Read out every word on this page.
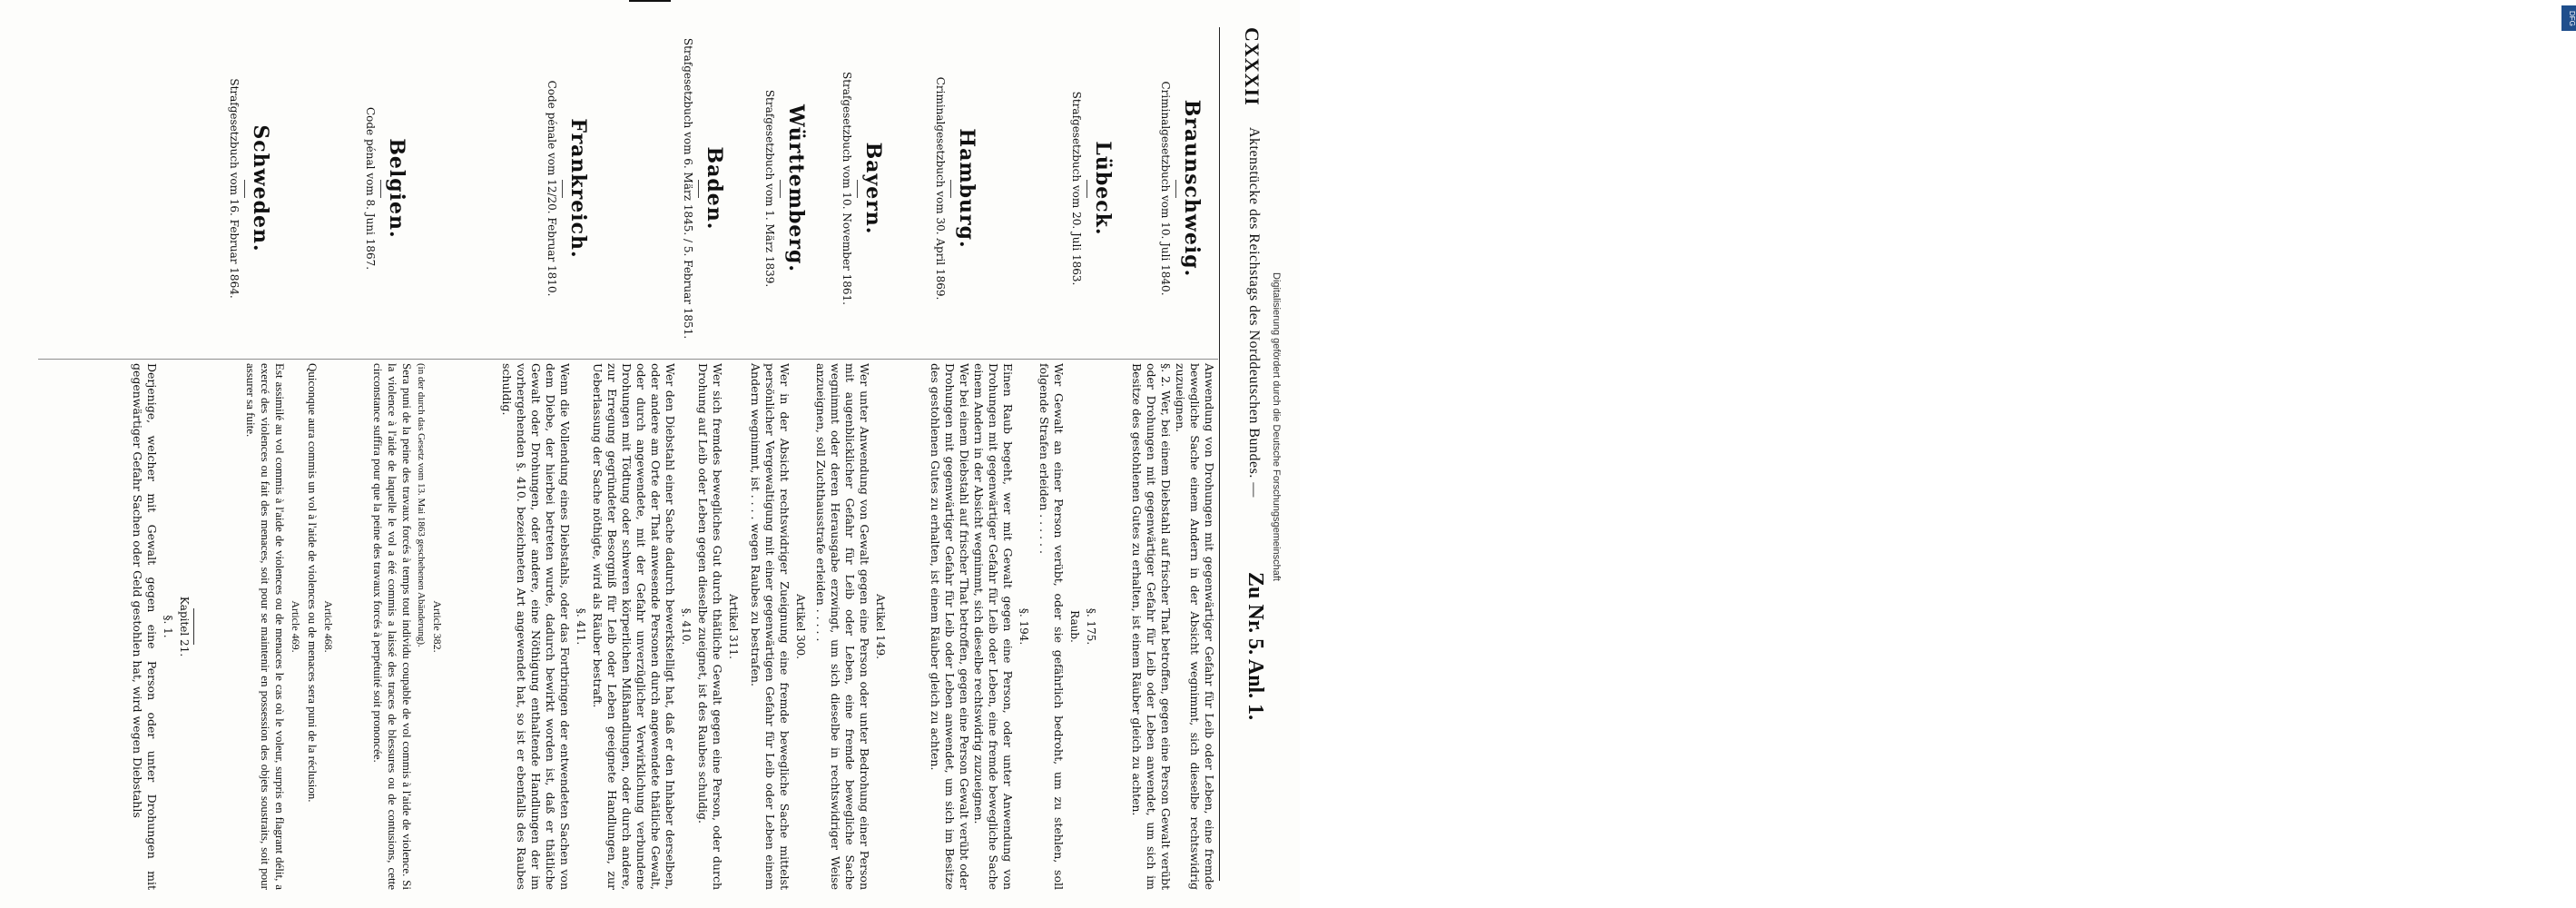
CXXXII
Aktenstücke des Reichstags des Norddeutschen Bundes. —
Zu Nr. 5. Anl. 1.
Braunschweig.
Criminalgesetzbuch vom 10. Juli 1840.
Lübeck.
Strafgesetzbuch vom 20. Juli 1863.
Hamburg.
Criminalgesetzbuch vom 30. April 1869.
Bayern.
Strafgesetzbuch vom 10. November 1861.
Württemberg.
Strafgesetzbuch vom 1. März 1839.
Baden.
Strafgesetzbuch vom 6. März 1845. / 5. Februar 1851.
Frankreich.
Code pénale vom 12/20. Februar 1810.
Belgien.
Code pénal vom 8. Juni 1867.
Schweden.
Strafgesetzbuch vom 16. Februar 1864.

Anwendung von Drohungen mit gegenwärtiger Gefahr für Leib oder Leben, eine fremde bewegliche Sache einem Andern in der Absicht wegnimmt, sich dieselbe rechtswidrig zuzueignen.

§. 2. Wer, bei einem Diebstahl auf frischer That betroffen, gegen eine Person Gewalt verübt oder Drohungen mit gegenwärtiger Gefahr für Leib oder Leben anwendet, um sich im Besitze des gestohlenen Gutes zu erhalten, ist einem Räuber gleich zu achten.

§. 175.
Raub.

Wer Gewalt an einer Person verübt, oder sie gefährlich bedroht, um zu stehlen, soll folgende Strafen erleiden . . . . . .

§. 194.

Einen Raub begeht, wer mit Gewalt gegen eine Person, oder unter Anwendung von Drohungen mit gegenwärtiger Gefahr für Leib oder Leben, eine fremde bewegliche Sache einem Andern in der Absicht wegnimmt, sich dieselbe rechtswidrig zuzueignen.

Wer bei einem Diebstahl auf frischer That betroffen, gegen eine Person Gewalt verübt oder Drohungen mit gegenwärtiger Gefahr für Leib oder Leben anwendet, um sich im Besitze des gestohlenen Gutes zu erhalten, ist einem Räuber gleich zu achten.

Artikel 149.

Wer unter Anwendung von Gewalt gegen eine Person oder unter Bedrohung einer Person mit augenblicklicher Gefahr für Leib oder Leben, eine fremde bewegliche Sache wegnimmt oder deren Herausgabe erzwingt, um sich dieselbe in rechtswidriger Weise anzueignen, soll Zuchthausstrafe erleiden . . . . .

Artikel 300.

Wer in der Absicht rechtswidriger Zueignung eine fremde bewegliche Sache mittelst persönlicher Vergewaltigung mit einer gegenwärtigen Gefahr für Leib oder Leben einem Andern wegnimmt, ist . . . . wegen Raubes zu bestrafen.

Artikel 311.

Wer sich fremdes bewegliches Gut durch thätliche Gewalt gegen eine Person, oder durch Drohung auf Leib oder Leben gegen dieselbe zueignet, ist des Raubes schuldig.

§. 410.

Wer den Diebstahl einer Sache dadurch bewerkstelligt hat, daß er den Inhaber derselben, oder andere am Orte der That anwesende Personen durch angewendete thätliche Gewalt, oder durch angewendete, mit der Gefahr unverzüglicher Verwirklichung verbundene Drohungen mit Tödtung oder schweren körperlichen Mißhandlungen, oder durch andere, zur Erregung gegründeter Besorgniß für Leib oder Leben geeignete Handlungen, zur Ueberlassung der Sache nöthigte, wird als Räuber bestraft.

§. 411.

Wenn die Vollendung eines Diebstahls, oder das Fortbringen der entwendeten Sachen von dem Diebe, der hierbei betreten wurde, dadurch bewirkt worden ist, daß er thätliche Gewalt oder Drohungen, oder andere, eine Nöthigung enthaltende Handlungen der im vorhergehenden §. 410. bezeichneten Art angewendet hat, so ist er ebenfalls des Raubes schuldig.

Article 382.

(in der durch das Gesetz vom 13. Mai 1863 geschehenen Abänderung).

Sera puni de la peine des travaux forcés à temps tout individu coupable de vol commis à l'aide de violence. Si la violence à l'aide de laquelle le vol a été commis a laissé des traces de blessures ou de contusions, cette circonstance suffira pour que la peine des travaux forcés à perpétuité soit prononcée.

Article 468.

Quiconque aura commis un vol à l'aide de violences ou de menaces sera puni de la réclusion.

Article 469.

Est assimilé au vol commis à l'aide de violences ou de menaces le cas où le voleur, surpris en flagrant délit, a exercé des violences ou fait des menaces, soit pour se maintenir en possession des objets soustraits, soit pour assurer sa fuite.

Kapitel 21.
§. 1.

Derjenige, welcher mit Gewalt gegen eine Person oder unter Drohungen mit gegenwärtiger Gefahr Sachen oder Geld gestohlen hat, wird wegen Diebstahls	Digitalisierung gefördert durch die Deutsche Forschungsgemeinschaft
DFG
